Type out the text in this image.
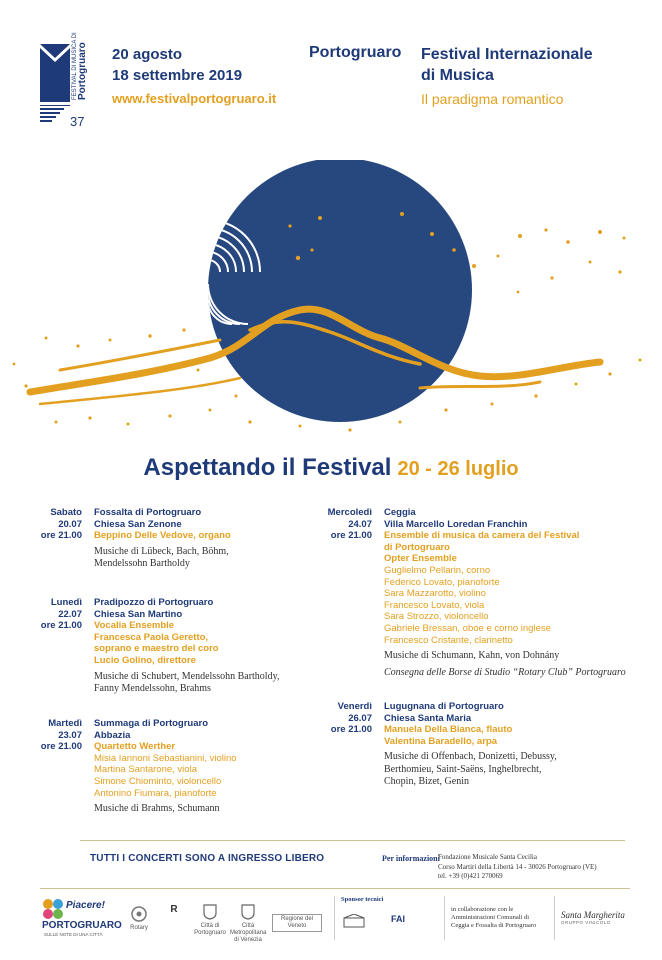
FESTIVAL DI MUSICA DI
Portogruaro
37
20 agosto
18 settembre 2019
www.festivalportogruaro.it
Portogruaro Festival Internazionale
di Musica
Il paradigma romantico
Aspettando il Festival 20 - 26 luglio
Sabato
20.07
ore 21.00
Fossalta di Portogruaro
Chiesa San Zenone
Beppino Delle Vedove, organo
Musiche di Lübeck, Bach, Böhm,
Mendelssohn Bartholdy
Lunedì
22.07
ore 21.00
Pradipozzo di Portogruaro
Chiesa San Martino
Vocalia Ensemble
Francesca Paola Geretto,
soprano e maestro del coro
Lucio Golino, direttore
Musiche di Schubert, Mendelssohn Bartholdy,
Fanny Mendelssohn, Brahms
Martedì
23.07
ore 21.00
Summaga di Portogruaro
Abbazia
Quartetto Werther
Misia Iannoni Sebastianini, violino
Martina Santarone, viola
Simone Chiominto, violoncello
Antonino Fiumara, pianoforte
Musiche di Brahms, Schumann
Mercoledì
24.07
ore 21.00
Ceggia
Villa Marcello Loredan Franchin
Ensemble di musica da camera del Festival
di Portogruaro
Opter Ensemble
Guglielmo Pellarin, corno
Federico Lovato, pianoforte
Sara Mazzarotto, violino
Francesco Lovato, viola
Sara Strozzo, violoncello
Gabriele Bressan, oboe e corno inglese
Francesco Cristante, clarinetto
Musiche di Schumann, Kahn, von Dohnány
Consegna delle Borse di Studio “Rotary Club” Portogruaro
Venerdì
26.07
ore 21.00
Lugugnana di Portogruaro
Chiesa Santa Maria
Manuela Della Bianca, flauto
Valentina Baradello, arpa
Musiche di Offenbach, Donizetti, Debussy,
Berthomieu, Saint-Saëns, Inghelbrecht,
Chopin, Bizet, Genin
TUTTI I CONCERTI SONO A INGRESSO LIBERO	Per informazioni
Fondazione Musicale Santa Cecilia
Corso Martiri della Libertà 14 - 30026 Portogruaro (VE)
tel. +39 (0)421 270069
Piacere!
PORTOGRUARO
SULLE NOTE DI UNA CITTÀ
Rotary
R
Città di Portogruaro
Città Metropolitana di Venezia
Regione del Veneto
Sponsor tecnici
FAI
in collaborazione con le
Amministrazioni Comunali di
Ceggia e Fossalta di Portogruaro
Santa Margherita
GRUPPO VINICOLO
